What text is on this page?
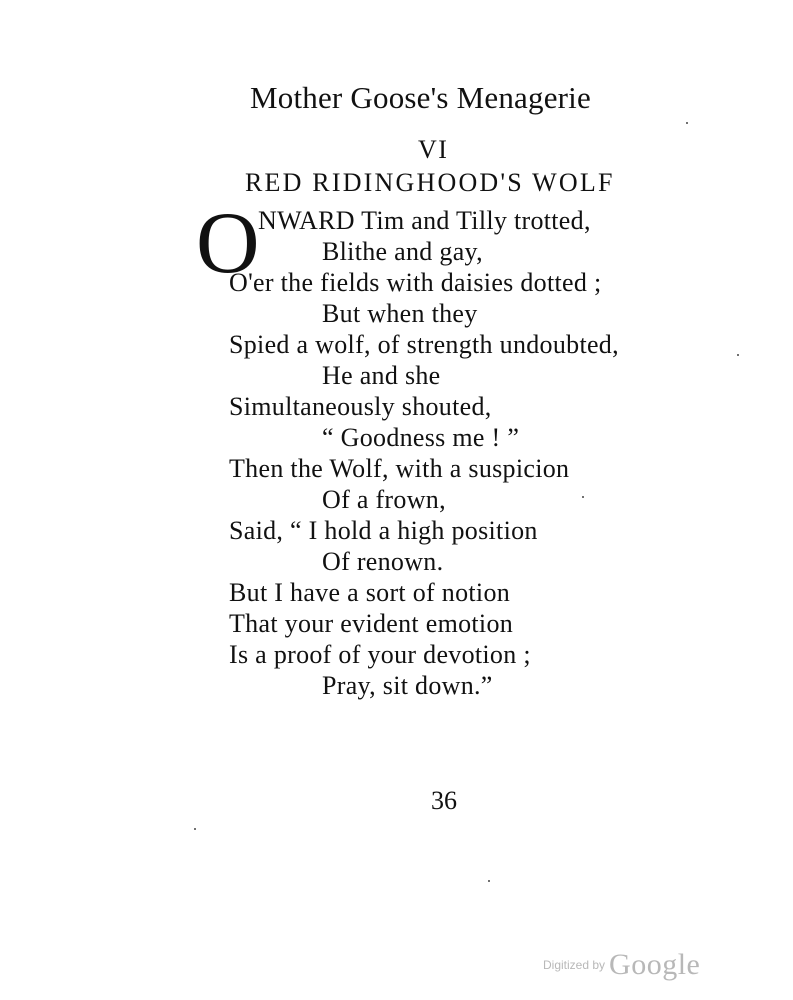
Mother Goose's Menagerie
VI
RED RIDINGHOOD'S WOLF
O
NWARD Tim and Tilly trotted,
Blithe and gay,
O'er the fields with daisies dotted ;
But when they
Spied a wolf, of strength undoubted,
He and she
Simultaneously shouted,
“ Goodness me ! ”
Then the Wolf, with a suspicion
Of a frown,
Said, “ I hold a high position
Of renown.
But I have a sort of notion
That your evident emotion
Is a proof of your devotion ;
Pray, sit down.”
36
Digitized by Google
